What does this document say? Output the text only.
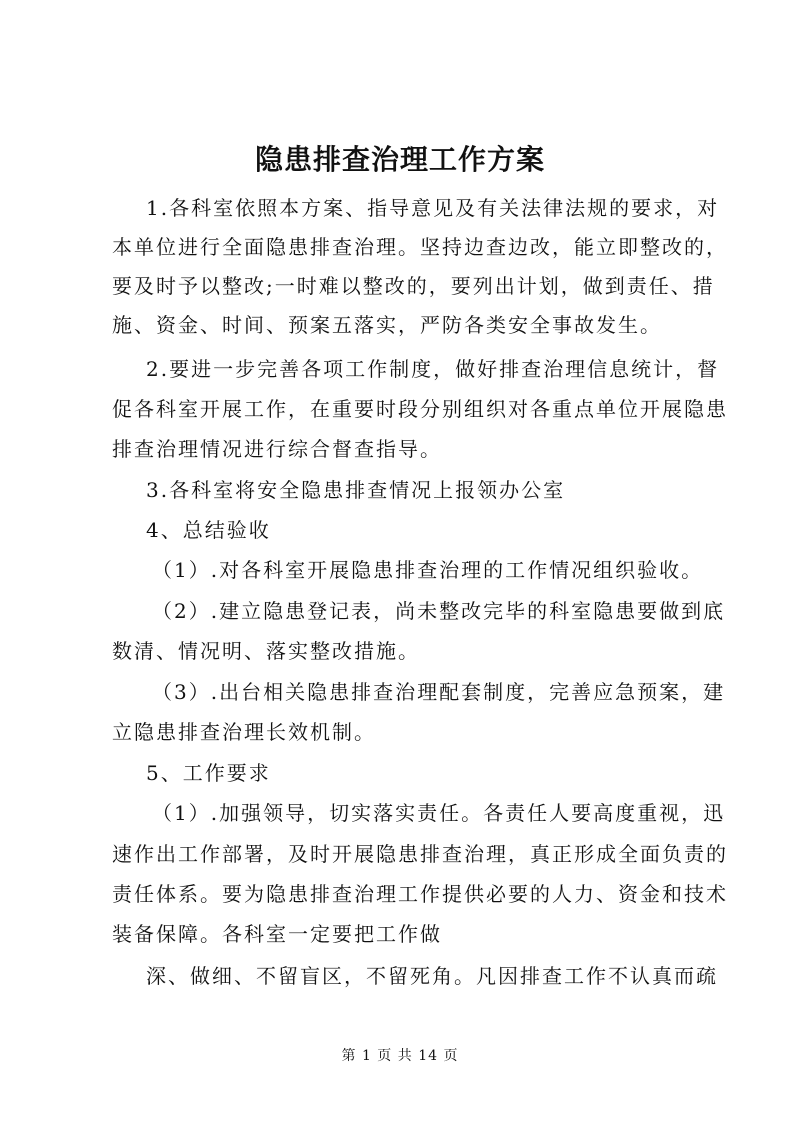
隐患排查治理工作方案

1.各科室依照本方案、指导意见及有关法律法规的要求，对

本单位进行全面隐患排查治理。坚持边查边改，能立即整改的，

要及时予以整改;一时难以整改的，要列出计划，做到责任、措

施、资金、时间、预案五落实，严防各类安全事故发生。

2.要进一步完善各项工作制度，做好排查治理信息统计，督

促各科室开展工作，在重要时段分别组织对各重点单位开展隐患

排查治理情况进行综合督查指导。

3.各科室将安全隐患排查情况上报领办公室

4、总结验收

（1）.对各科室开展隐患排查治理的工作情况组织验收。

（2）.建立隐患登记表，尚未整改完毕的科室隐患要做到底

数清、情况明、落实整改措施。

（3）.出台相关隐患排查治理配套制度，完善应急预案，建

立隐患排查治理长效机制。

5、工作要求

（1）.加强领导，切实落实责任。各责任人要高度重视，迅

速作出工作部署，及时开展隐患排查治理，真正形成全面负责的

责任体系。要为隐患排查治理工作提供必要的人力、资金和技术

装备保障。各科室一定要把工作做

深、做细、不留盲区，不留死角。凡因排查工作不认真而疏

第 1 页 共 14 页
